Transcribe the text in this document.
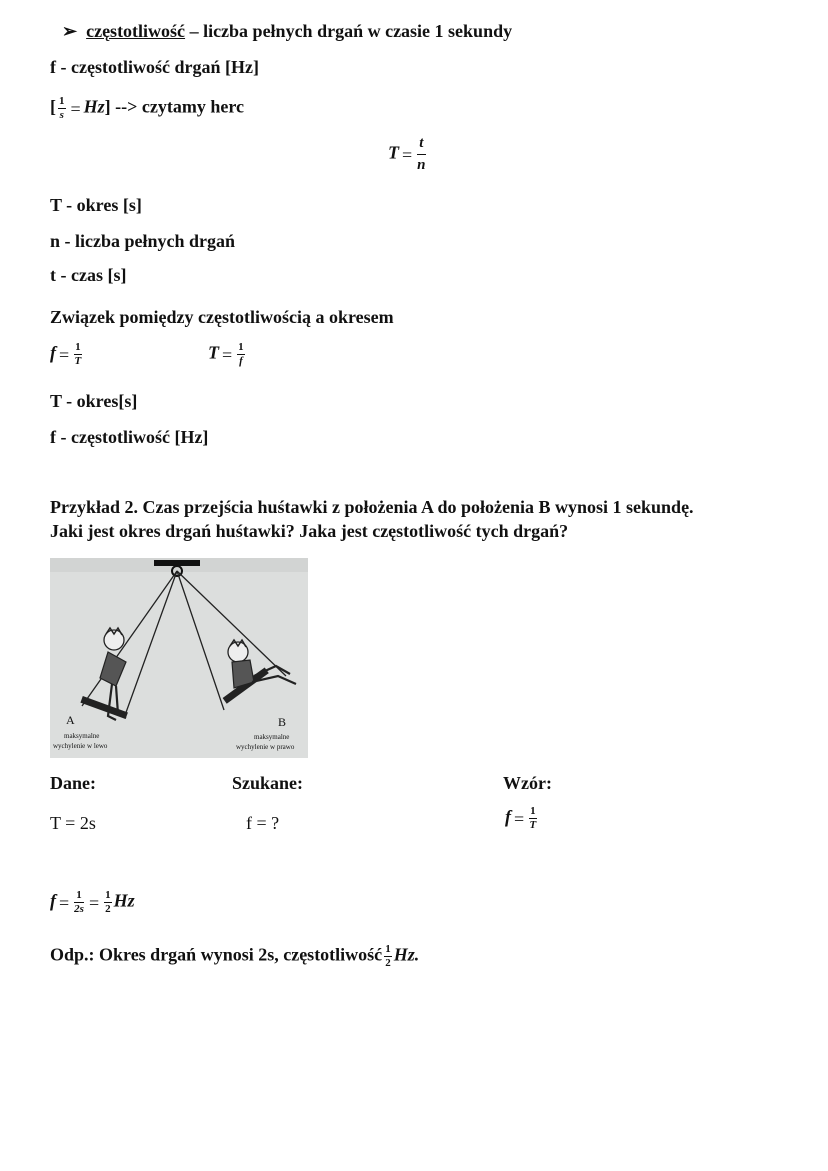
➢ częstotliwość – liczba pełnych drgań w czasie 1 sekundy
f - częstotliwość drgań [Hz]
[ $\frac{1}{s} = Hz$] --> czytamy herc
$T = \frac{t}{n}$
T - okres [s]
n - liczba pełnych drgań
t - czas [s]
Związek pomiędzy częstotliwością a okresem
$f = \frac{1}{T}$	$T = \frac{1}{f}$
T - okres[s]
f - częstotliwość [Hz]
Przykład 2. Czas przejścia huśtawki z położenia A do położenia B wynosi 1 sekundę.
Jaki jest okres drgań huśtawki? Jaka jest częstotliwość tych drgań?
A
maksymalne
wychylenie w lewo
B
maksymalne
wychylenie w prawo
Dane:	Szukane:	Wzór:
T = 2s	f = ?	$f = \frac{1}{T}$
$f = \frac{1}{2s} = \frac{1}{2}$ Hz
Odp.: Okres drgań wynosi 2s, częstotliwość $\frac{1}{2} Hz$.
